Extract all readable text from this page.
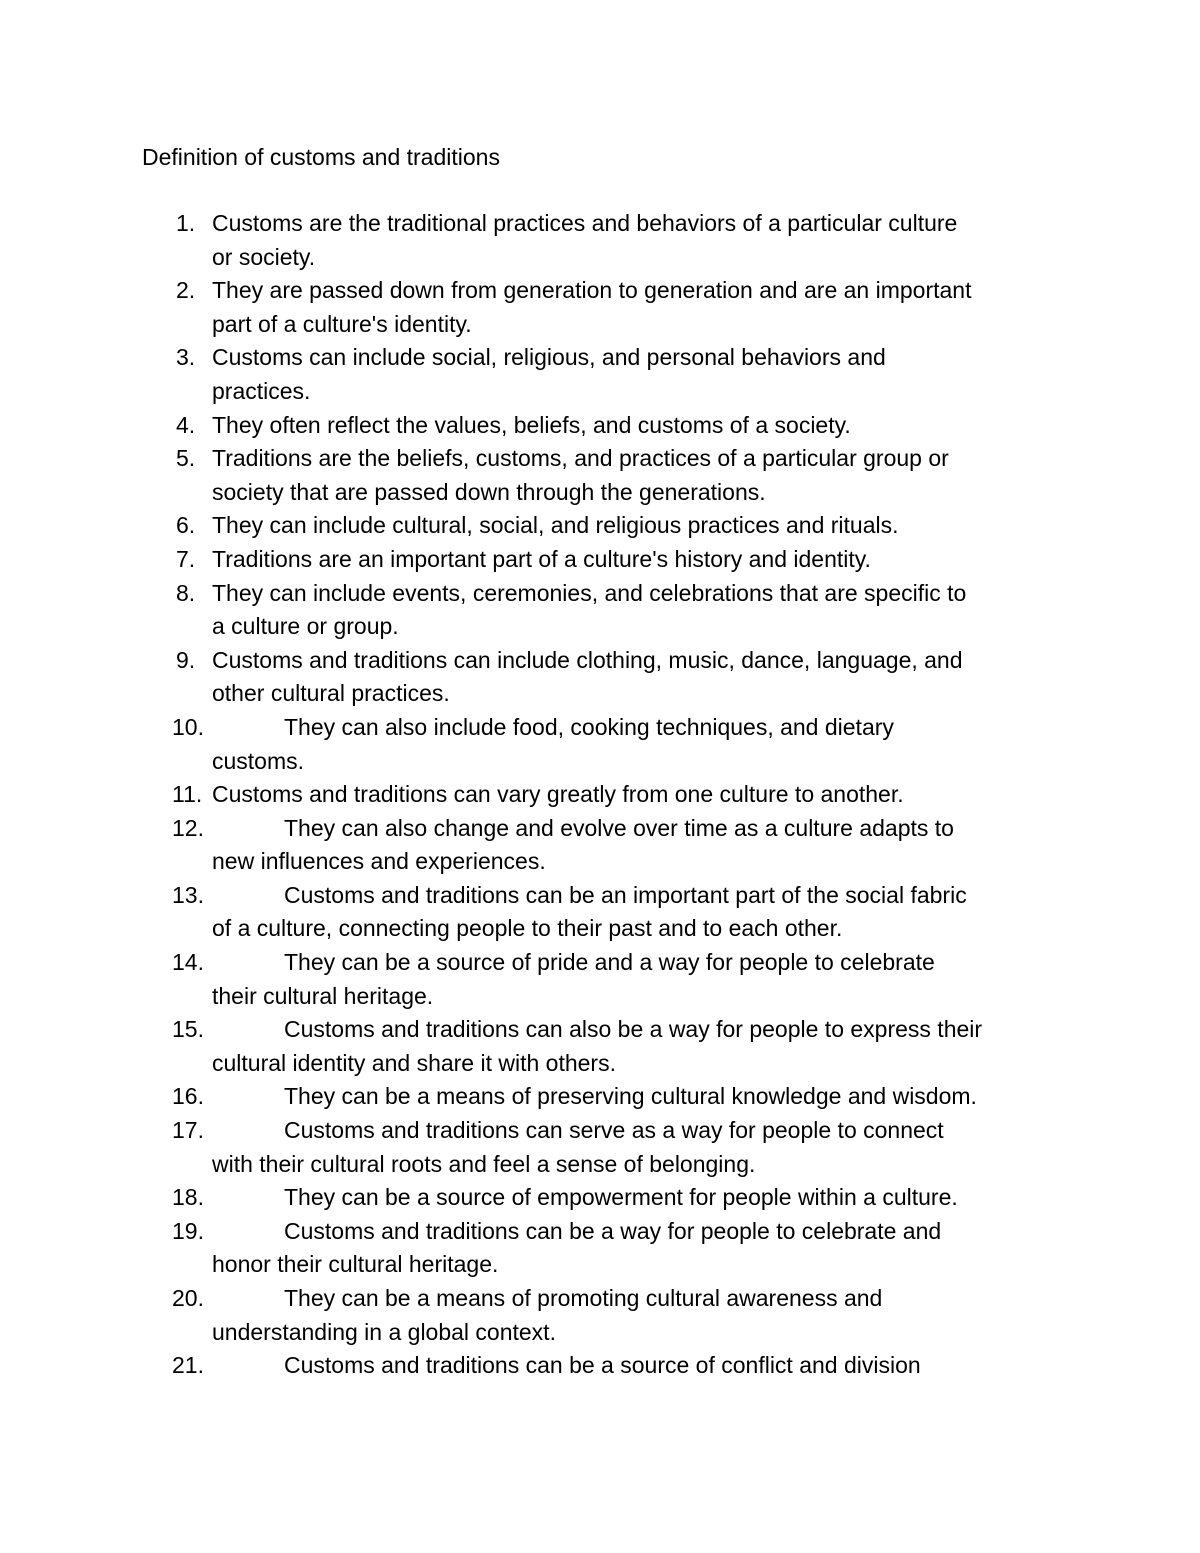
Definition of customs and traditions
1. Customs are the traditional practices and behaviors of a particular culture
or society.
2. They are passed down from generation to generation and are an important
part of a culture's identity.
3. Customs can include social, religious, and personal behaviors and
practices.
4. They often reflect the values, beliefs, and customs of a society.
5. Traditions are the beliefs, customs, and practices of a particular group or
society that are passed down through the generations.
6. They can include cultural, social, and religious practices and rituals.
7. Traditions are an important part of a culture's history and identity.
8. They can include events, ceremonies, and celebrations that are specific to
a culture or group.
9. Customs and traditions can include clothing, music, dance, language, and
other cultural practices.
10.	They can also include food, cooking techniques, and dietary
customs.
11. Customs and traditions can vary greatly from one culture to another.
12.	They can also change and evolve over time as a culture adapts to
new influences and experiences.
13.	Customs and traditions can be an important part of the social fabric
of a culture, connecting people to their past and to each other.
14.	They can be a source of pride and a way for people to celebrate
their cultural heritage.
15.	Customs and traditions can also be a way for people to express their
cultural identity and share it with others.
16.	They can be a means of preserving cultural knowledge and wisdom.
17.	Customs and traditions can serve as a way for people to connect
with their cultural roots and feel a sense of belonging.
18.	They can be a source of empowerment for people within a culture.
19.	Customs and traditions can be a way for people to celebrate and
honor their cultural heritage.
20.	They can be a means of promoting cultural awareness and
understanding in a global context.
21.	Customs and traditions can be a source of conflict and division
